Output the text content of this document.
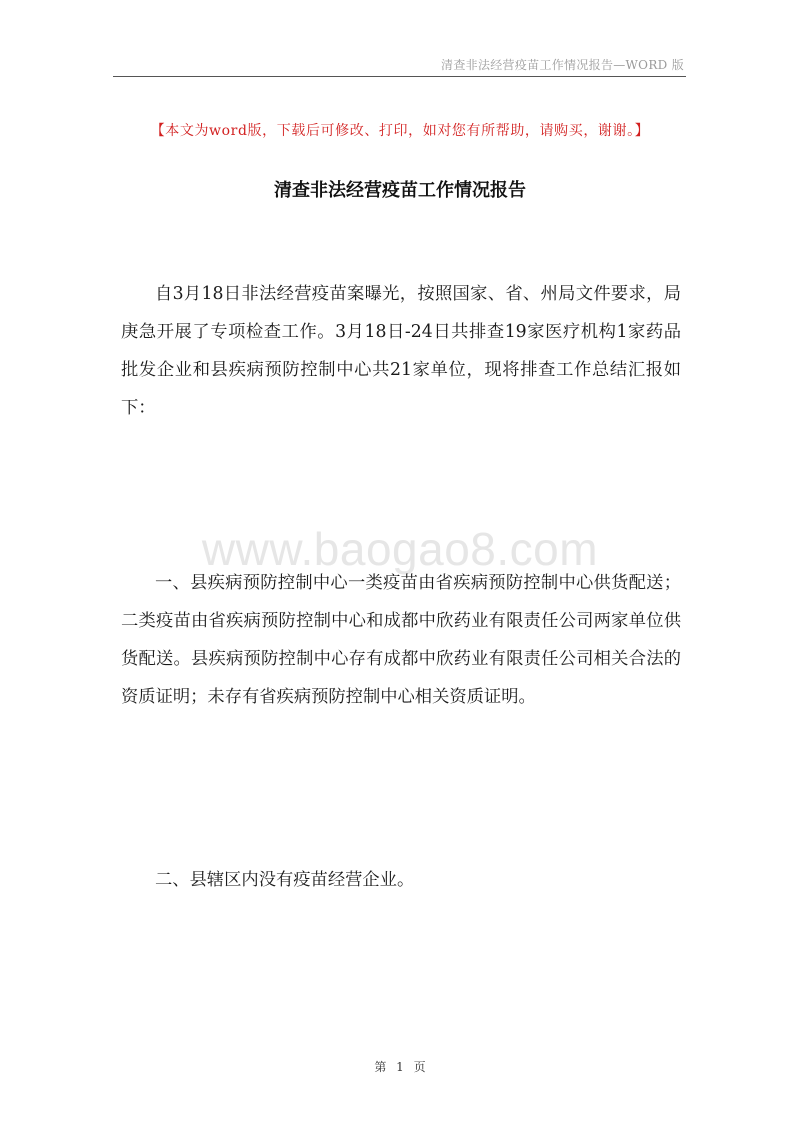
清查非法经营疫苗工作情况报告—WORD 版
【本文为word版，下载后可修改、打印，如对您有所帮助，请购买，谢谢。】
清查非法经营疫苗工作情况报告

自3月18日非法经营疫苗案曝光，按照国家、省、州局文件要求，局庚急开展了专项检查工作。3月18日-24日共排查19家医疗机构1家药品批发企业和县疾病预防控制中心共21家单位，现将排查工作总结汇报如下：

www.baogao8.com

一、县疾病预防控制中心一类疫苗由省疾病预防控制中心供货配送；二类疫苗由省疾病预防控制中心和成都中欣药业有限责任公司两家单位供货配送。县疾病预防控制中心存有成都中欣药业有限责任公司相关合法的资质证明；未存有省疾病预防控制中心相关资质证明。

二、县辖区内没有疫苗经营企业。

第 1 页
